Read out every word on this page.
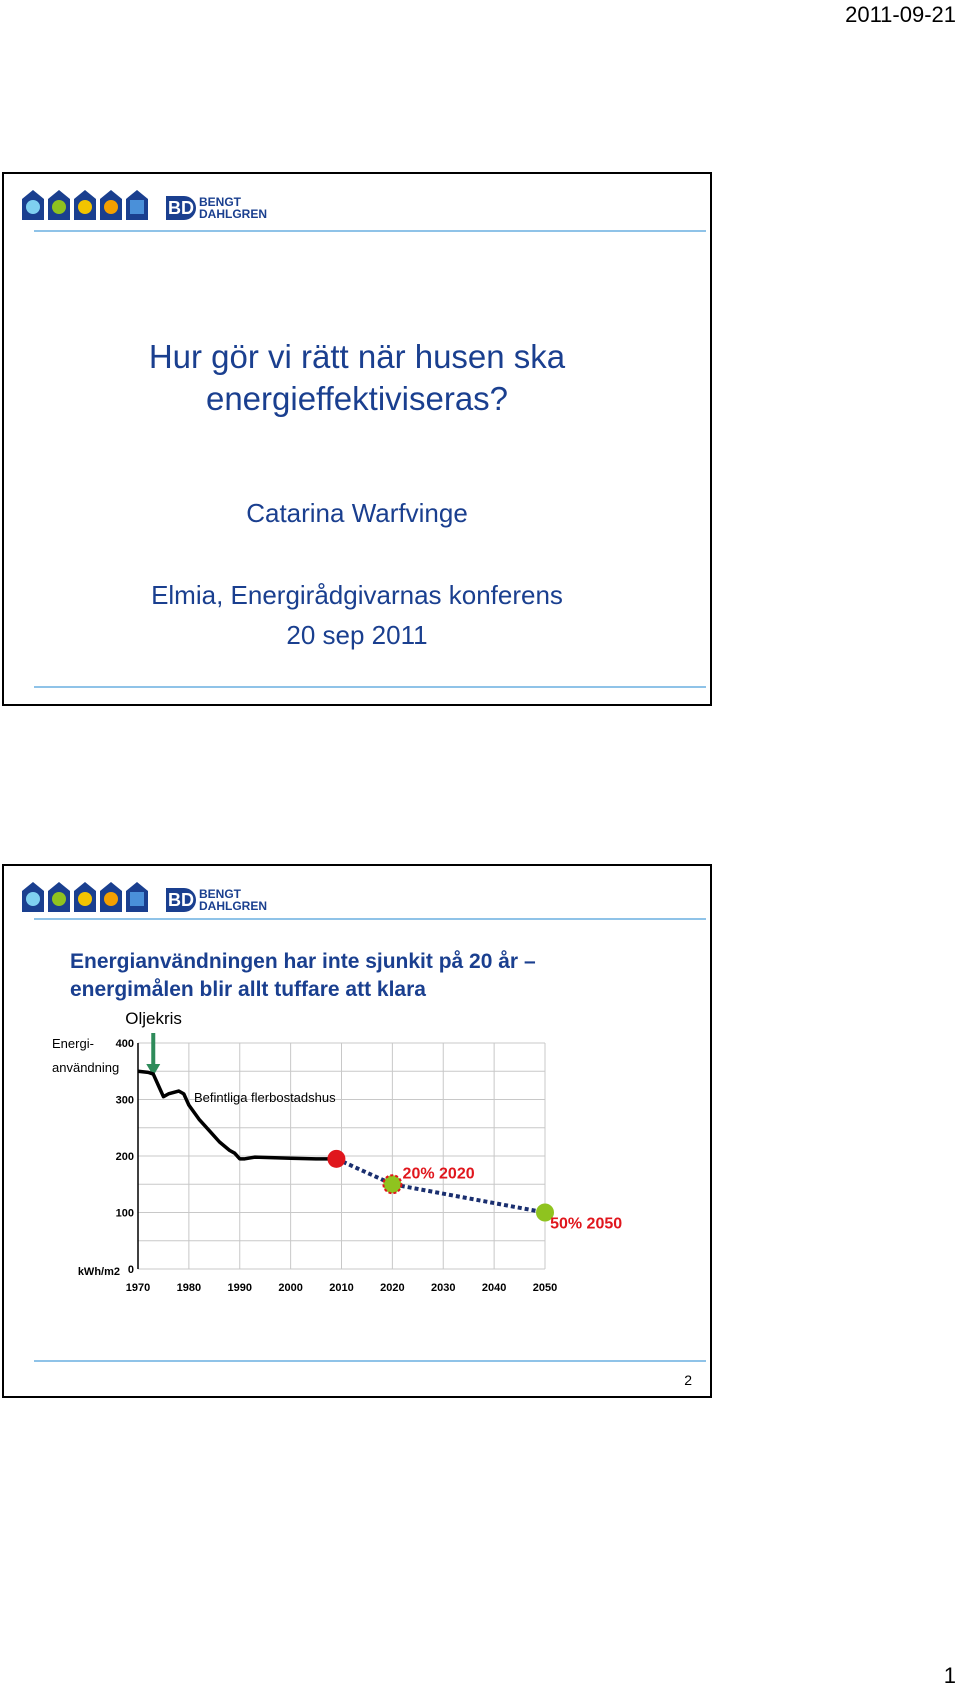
2011-09-21
BD BENGT
DAHLGREN
Hur gör vi rätt när husen ska
energieffektiviseras?
Catarina Warfvinge
Elmia, Energirådgivarnas konferens
20 sep 2011
BD BENGT
DAHLGREN
Energianvändningen har inte sjunkit på 20 år –
energimålen blir allt tuffare att klara
1970 1980 1990 2000 2010 2020 2030 2040 2050
0
100
200
300
400
kWh/m2
Energi-
användning
Oljekris
Befintliga flerbostadshus
20% 2020
50% 2050
2
1
